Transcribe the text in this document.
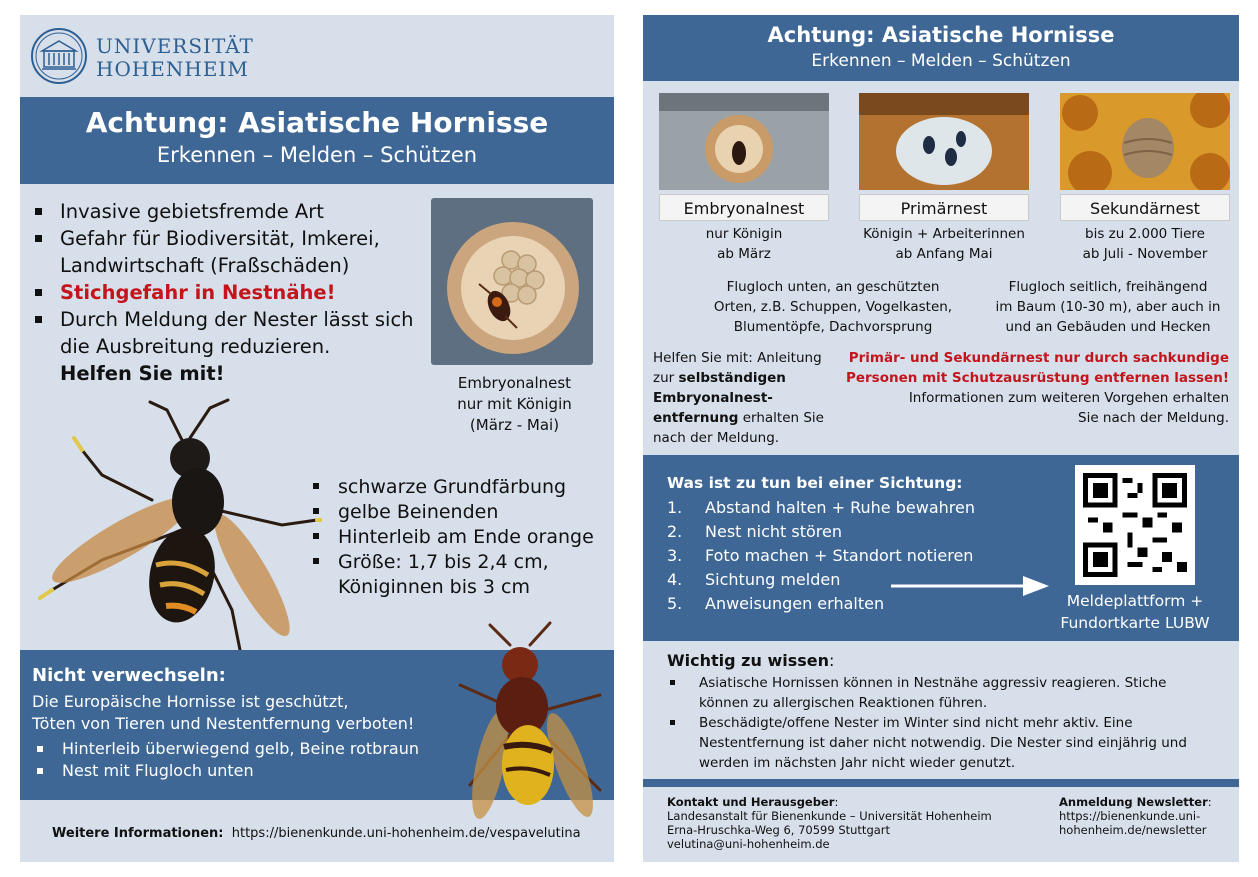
UNIVERSITÄT
HOHENHEIM
Achtung: Asiatische Hornisse
Erkennen – Melden – Schützen
Invasive gebietsfremde Art
Gefahr für Biodiversität, Imkerei, Landwirtschaft (Fraßschäden)
Stichgefahr in Nestnähe!
Durch Meldung der Nester lässt sich die Ausbreitung reduzieren.
Helfen Sie mit!	Embryonalnest
nur mit Königin
(März - Mai)
schwarze Grundfärbung
gelbe Beinenden
Hinterleib am Ende orange
Größe: 1,7 bis 2,4 cm, Königinnen bis 3 cm
Nicht verwechseln:
Die Europäische Hornisse ist geschützt,
Töten von Tieren und Nestentfernung verboten!
Hinterleib überwiegend gelb, Beine rotbraun
Nest mit Flugloch unten
Weitere Informationen: https://bienenkunde.uni-hohenheim.de/vespavelutina
Achtung: Asiatische Hornisse
Erkennen – Melden – Schützen
Embryonalnest
nur Königin
ab März
Primärnest
Königin + Arbeiterinnen
ab Anfang Mai
Sekundärnest
bis zu 2.000 Tiere
ab Juli - November
Flugloch unten, an geschützten
Orten, z.B. Schuppen, Vogelkasten,
Blumentöpfe, Dachvorsprung
Flugloch seitlich, freihängend
im Baum (10-30 m), aber auch in
und an Gebäuden und Hecken
Helfen Sie mit: Anleitung zur selbständigen Embryonalnest-entfernung erhalten Sie nach der Meldung.
Primär- und Sekundärnest nur durch sachkundige
Personen mit Schutzausrüstung entfernen lassen!
Informationen zum weiteren Vorgehen erhalten
Sie nach der Meldung.
Was ist zu tun bei einer Sichtung:
1. Abstand halten + Ruhe bewahren
2. Nest nicht stören
3. Foto machen + Standort notieren
4. Sichtung melden
5. Anweisungen erhalten	Meldeplattform +
Fundortkarte LUBW
Wichtig zu wissen:
Asiatische Hornissen können in Nestnähe aggressiv reagieren. Stiche können zu allergischen Reaktionen führen.
Beschädigte/offene Nester im Winter sind nicht mehr aktiv. Eine Nestentfernung ist daher nicht notwendig. Die Nester sind einjährig und werden im nächsten Jahr nicht wieder genutzt.
Kontakt und Herausgeber:
Landesanstalt für Bienenkunde – Universität Hohenheim
Erna-Hruschka-Weg 6, 70599 Stuttgart
velutina@uni-hohenheim.de
Anmeldung Newsletter:
https://bienenkunde.uni-
hohenheim.de/newsletter
